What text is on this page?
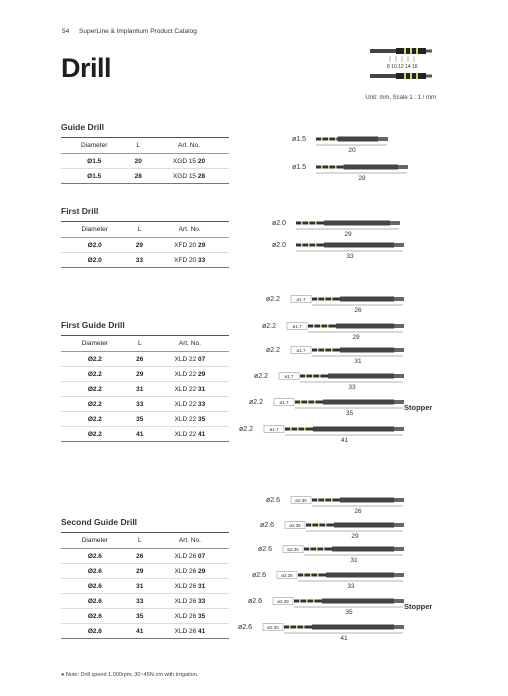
54 SuperLine & Implantium Product Catalog
Drill	8 10 12 14 16
Unit: mm, Scale 1 : 1 / mm
Guide Drill
Diameter	L	Art. No.
Ø1.5	20	XGD 15 20
Ø1.5	28	XGD 15 28
ø1.5
20
ø1.5
28
First Drill
Diameter	L	Art. No.
Ø2.0	29	XFD 20 29
Ø2.0	33	XFD 20 33
ø2.0
29
ø2.0
33
First Guide Drill
Diameter	L	Art. No.
Ø2.2	26	XLD 22 07
Ø2.2	29	XLD 22 29
Ø2.2	31	XLD 22 31
Ø2.2	33	XLD 22 33
Ø2.2	35	XLD 22 35
Ø2.2	41	XLD 22 41
ø2.2	ø1.7
26
ø2.2	ø1.7
29
ø2.2	ø1.7
31
ø2.2	ø1.7
33
ø2.2	ø1.7
35
ø2.2	ø1.7
41
Stopper
Second Guide Drill
Diameter	L	Art. No.
Ø2.6	26	XLD 26 07
Ø2.6	29	XLD 26 29
Ø2.6	31	XLD 26 31
Ø2.6	33	XLD 26 33
Ø2.6	35	XLD 26 35
Ø2.6	41	XLD 26 41
ø2.6	ø2.35
26
ø2.6	ø2.35
29
ø2.6	ø2.35
31
ø2.6	ø2.35
33
ø2.6	ø2.35
35
ø2.6	ø2.35
41
Stopper
● Note: Drill speed 1,000rpm, 30~45N·cm with irrigation.
